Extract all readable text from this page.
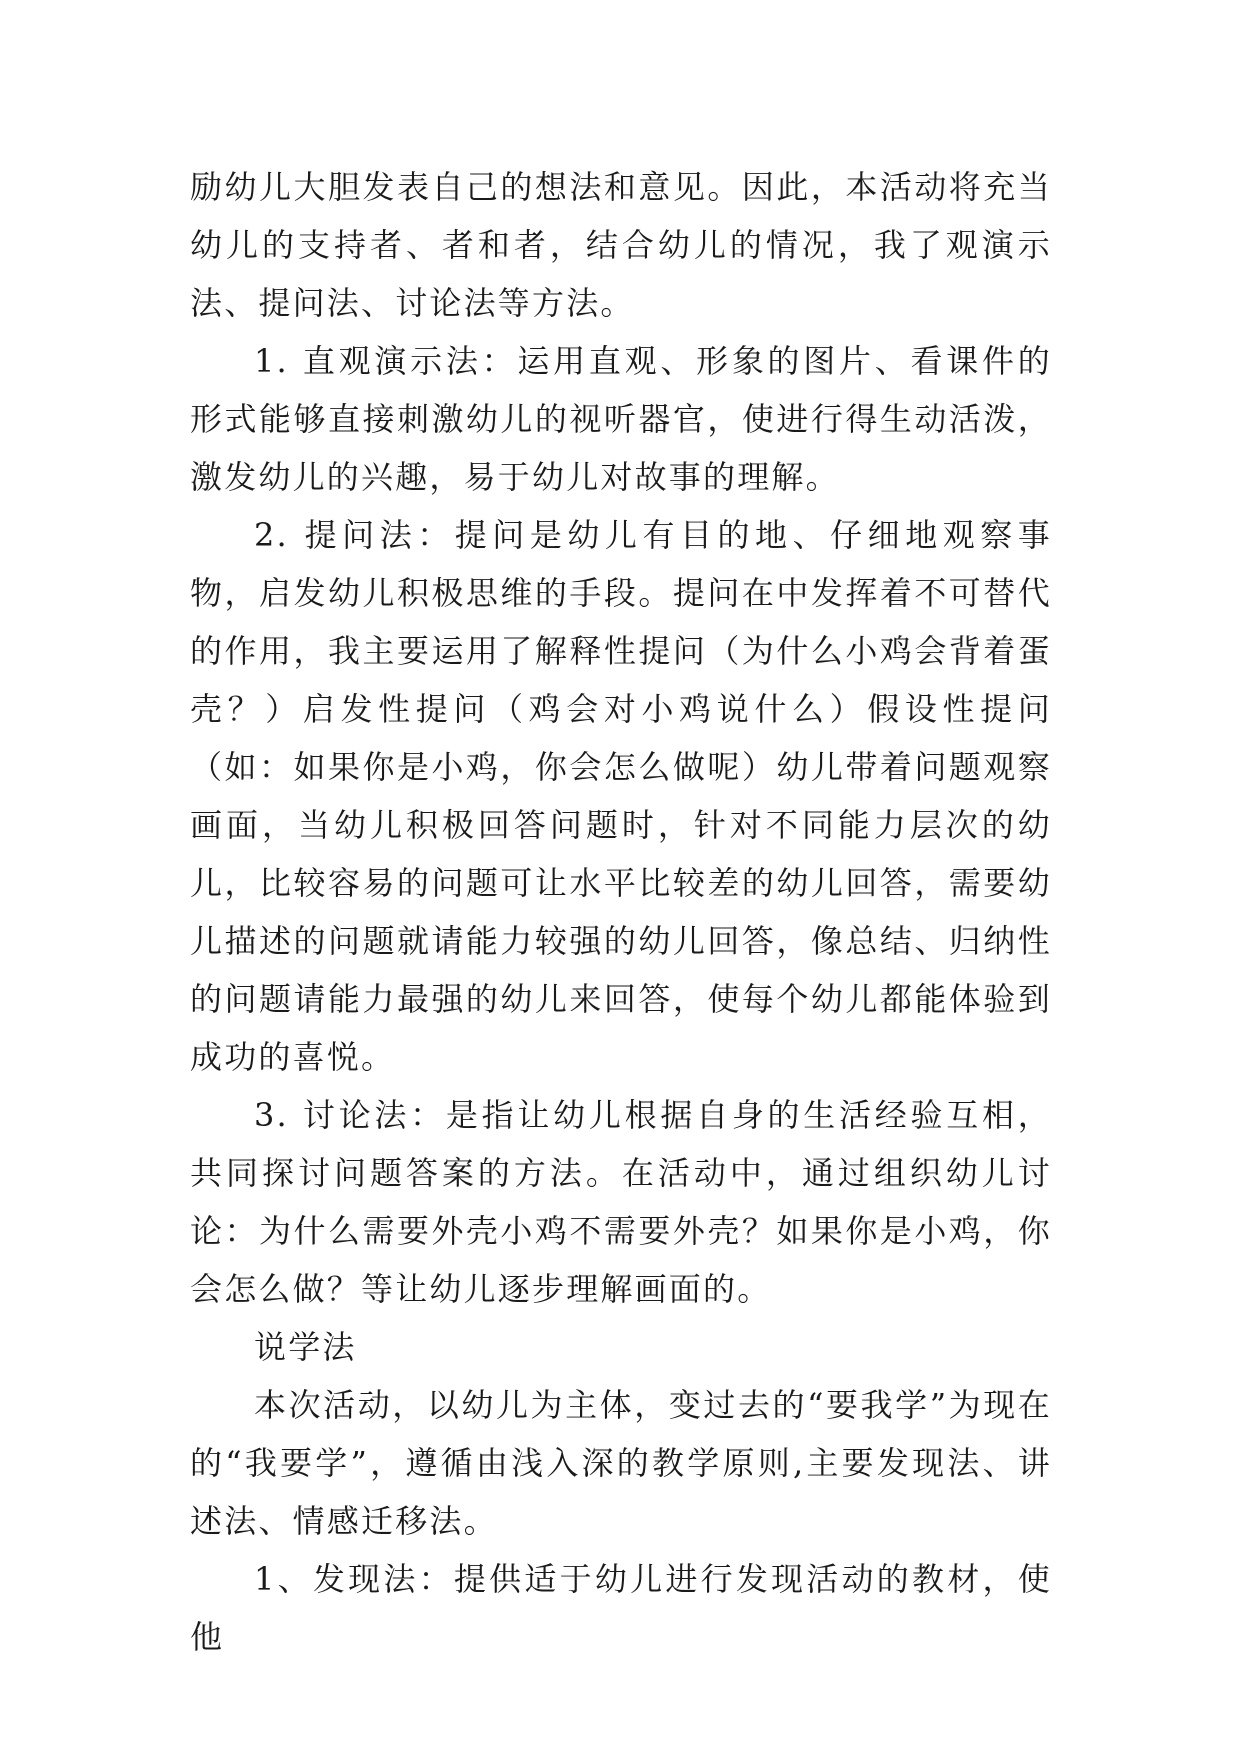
励幼儿大胆发表自己的想法和意见。因此，本活动将充当幼儿的支持者、者和者，结合幼儿的情况，我了观演示法、提问法、讨论法等方法。

1. 直观演示法：运用直观、形象的图片、看课件的形式能够直接刺激幼儿的视听器官，使进行得生动活泼，激发幼儿的兴趣，易于幼儿对故事的理解。

2. 提问法：提问是幼儿有目的地、仔细地观察事物，启发幼儿积极思维的手段。提问在中发挥着不可替代的作用，我主要运用了解释性提问（为什么小鸡会背着蛋壳？）启发性提问（鸡会对小鸡说什么）假设性提问（如：如果你是小鸡，你会怎么做呢）幼儿带着问题观察画面，当幼儿积极回答问题时，针对不同能力层次的幼儿，比较容易的问题可让水平比较差的幼儿回答，需要幼儿描述的问题就请能力较强的幼儿回答，像总结、归纳性的问题请能力最强的幼儿来回答，使每个幼儿都能体验到成功的喜悦。

3. 讨论法：是指让幼儿根据自身的生活经验互相，共同探讨问题答案的方法。在活动中，通过组织幼儿讨论：为什么需要外壳小鸡不需要外壳？如果你是小鸡，你会怎么做？等让幼儿逐步理解画面的。

说学法

本次活动，以幼儿为主体，变过去的“要我学”为现在的“我要学”，遵循由浅入深的教学原则,主要发现法、讲述法、情感迁移法。

1、发现法：提供适于幼儿进行发现活动的教材，使他
